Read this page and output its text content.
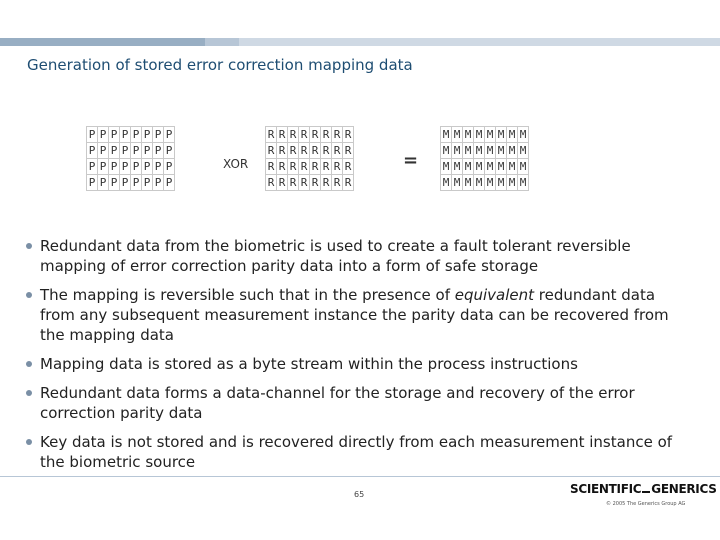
Generation of stored error correction mapping data
P	P	P	P	P	P	P	P
P	P	P	P	P	P	P	P
P	P	P	P	P	P	P	P
P	P	P	P	P	P	P	P
XOR
R	R	R	R	R	R	R	R
R	R	R	R	R	R	R	R
R	R	R	R	R	R	R	R
R	R	R	R	R	R	R	R
=
M	M	M	M	M	M	M	M
M	M	M	M	M	M	M	M
M	M	M	M	M	M	M	M
M	M	M	M	M	M	M	M
Redundant data from the biometric is used to create a fault tolerant reversible mapping of error correction parity data into a form of safe storage
The mapping is reversible such that in the presence of equivalent redundant data from any subsequent measurement instance the parity data can be recovered from the mapping data
Mapping data is stored as a byte stream within the process instructions
Redundant data forms a data-channel for the storage and recovery of the error correction parity data
Key data is not stored and is recovered directly from each measurement instance of the biometric source
65	SCIENTIFIC GENERICS
© 2005 The Generics Group AG
